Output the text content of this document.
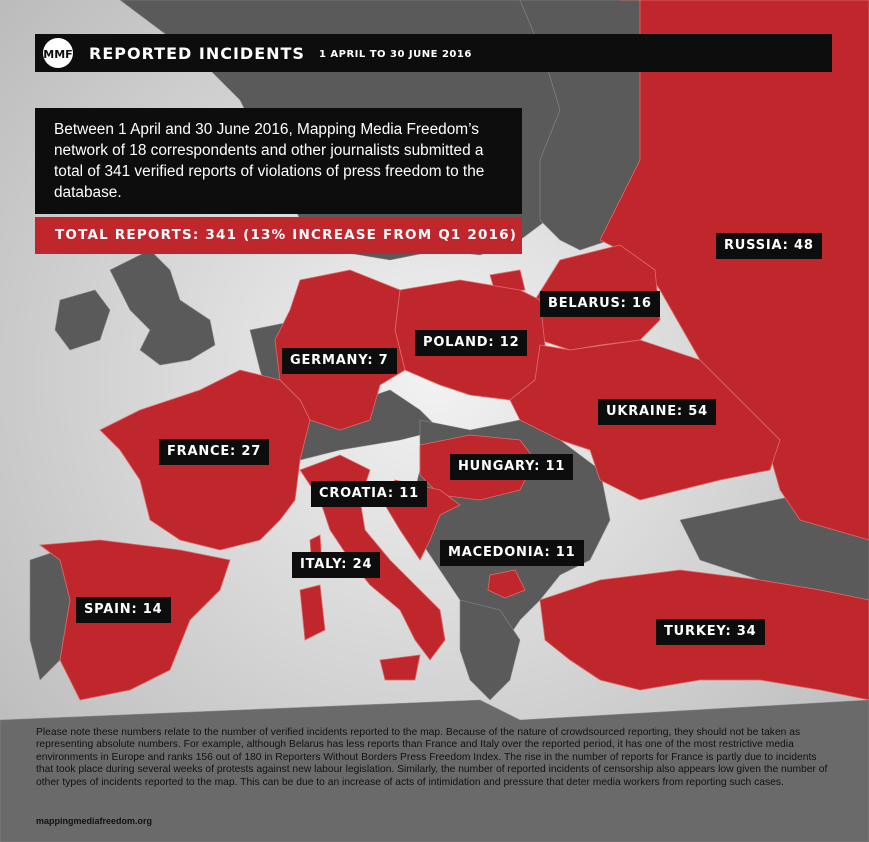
MMF REPORTED INCIDENTS 1 APRIL TO 30 JUNE 2016
Between 1 April and 30 June 2016, Mapping Media Freedom’s network of 18 correspondents and other journalists submitted a total of 341 verified reports of violations of press freedom to the database.
TOTAL REPORTS: 341 (13% INCREASE FROM Q1 2016)
RUSSIA: 48
BELARUS: 16
POLAND: 12
GERMANY: 7
UKRAINE: 54
FRANCE: 27
HUNGARY: 11
CROATIA: 11
MACEDONIA: 11
ITALY: 24
SPAIN: 14
TURKEY: 34
Please note these numbers relate to the number of verified incidents reported to the map. Because of the nature of crowdsourced reporting, they should not be taken as representing absolute numbers. For example, although Belarus has less reports than France and Italy over the reported period, it has one of the most restrictive media environments in Europe and ranks 156 out of 180 in Reporters Without Borders Press Freedom Index. The rise in the number of reports for France is partly due to incidents that took place during several weeks of protests against new labour legislation. Similarly, the number of reported incidents of censorship also appears low given the number of other types of incidents reported to the map. This can be due to an increase of acts of intimidation and pressure that deter media workers from reporting such cases.
mappingmediafreedom.org
